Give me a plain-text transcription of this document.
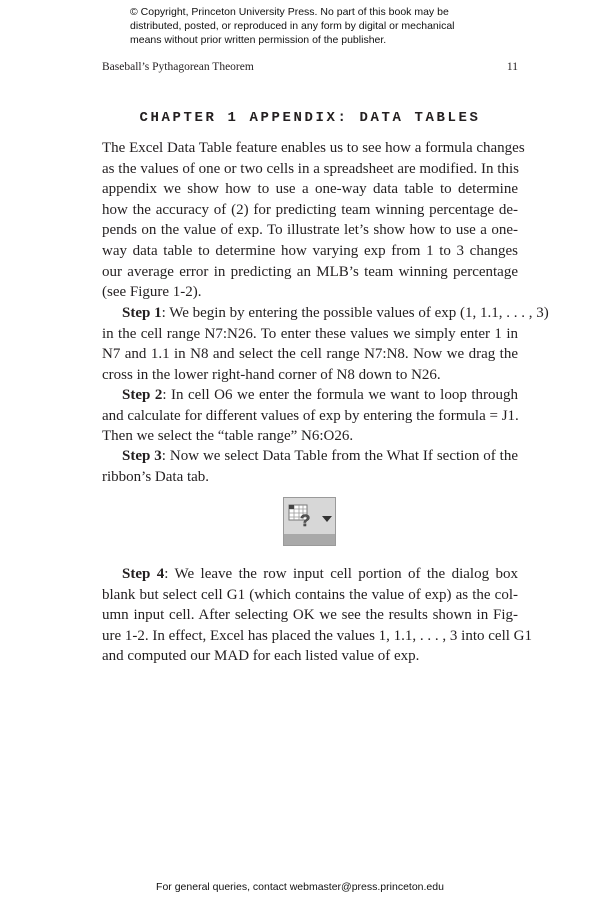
© Copyright, Princeton University Press. No part of this book may be
distributed, posted, or reproduced in any form by digital or mechanical
means without prior written permission of the publisher.
Baseball’s Pythagorean Theorem	11
CHAPTER 1 APPENDIX: DATA TABLES
The Excel Data Table feature enables us to see how a formula changes
as the values of one or two cells in a spreadsheet are modified. In this
appendix we show how to use a one-way data table to determine
how the accuracy of (2) for predicting team winning percentage de-
pends on the value of exp. To illustrate let’s show how to use a one-
way data table to determine how varying exp from 1 to 3 changes
our average error in predicting an MLB’s team winning percentage
(see Figure 1-2).
Step 1: We begin by entering the possible values of exp (1, 1.1, . . . , 3)
in the cell range N7:N26. To enter these values we simply enter 1 in
N7 and 1.1 in N8 and select the cell range N7:N8. Now we drag the
cross in the lower right-hand corner of N8 down to N26.
Step 2: In cell O6 we enter the formula we want to loop through
and calculate for different values of exp by entering the formula = J1.
Then we select the “table range” N6:O26.
Step 3: Now we select Data Table from the What If section of the
ribbon’s Data tab.
?
Step 4: We leave the row input cell portion of the dialog box
blank but select cell G1 (which contains the value of exp) as the col-
umn input cell. After selecting OK we see the results shown in Fig-
ure 1-2. In effect, Excel has placed the values 1, 1.1, . . . , 3 into cell G1
and computed our MAD for each listed value of exp.
For general queries, contact webmaster@press.princeton.edu
